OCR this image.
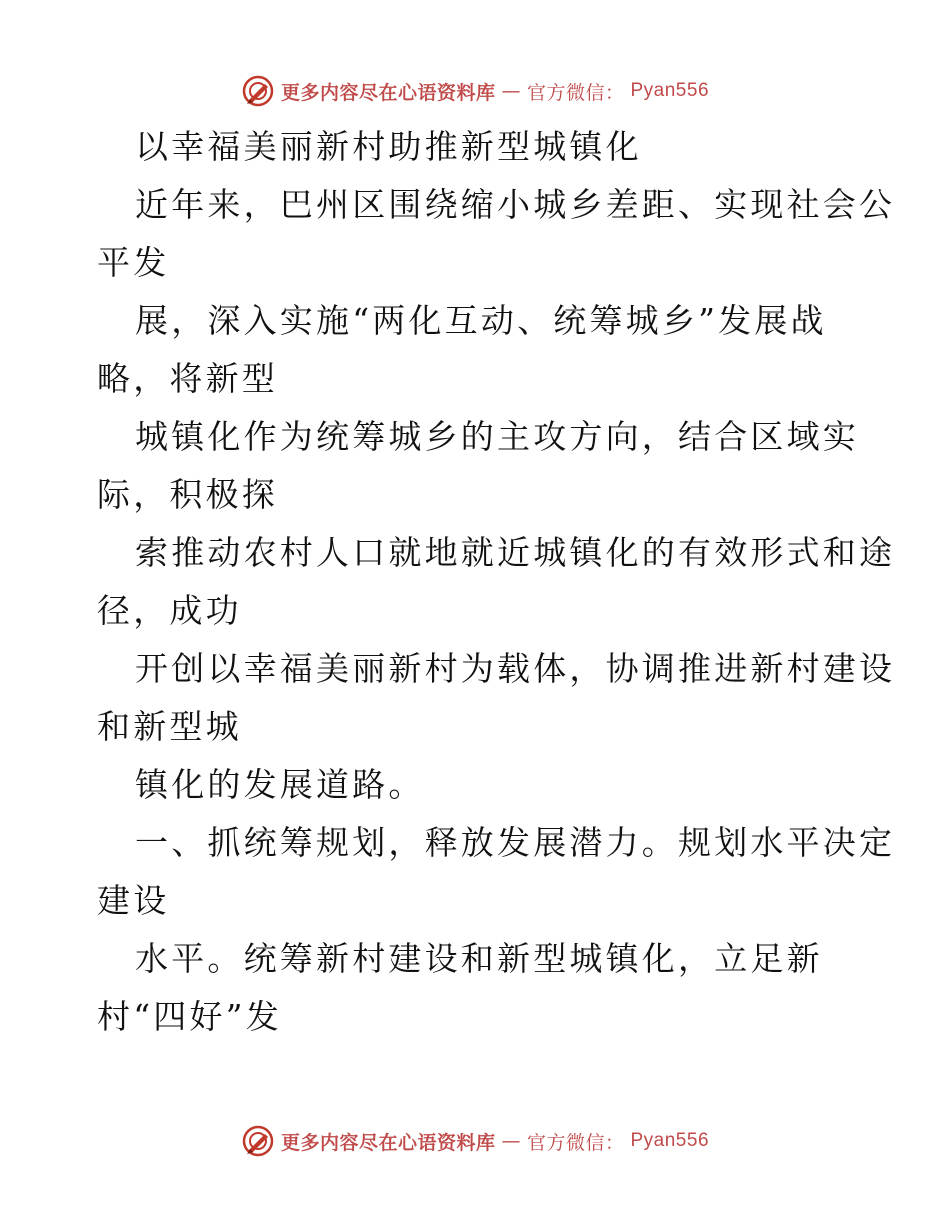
更多内容尽在心语资料库 — 官方微信： Pyan556
以幸福美丽新村助推新型城镇化
近年来，巴州区围绕缩小城乡差距、实现社会公
平发
展，深入实施“两化互动、统筹城乡”发展战
略，将新型
城镇化作为统筹城乡的主攻方向，结合区域实
际，积极探
索推动农村人口就地就近城镇化的有效形式和途
径，成功
开创以幸福美丽新村为载体，协调推进新村建设
和新型城
镇化的发展道路。
一、抓统筹规划，释放发展潜力。规划水平决定
建设
水平。统筹新村建设和新型城镇化，立足新
村“四好”发
更多内容尽在心语资料库 — 官方微信： Pyan556
